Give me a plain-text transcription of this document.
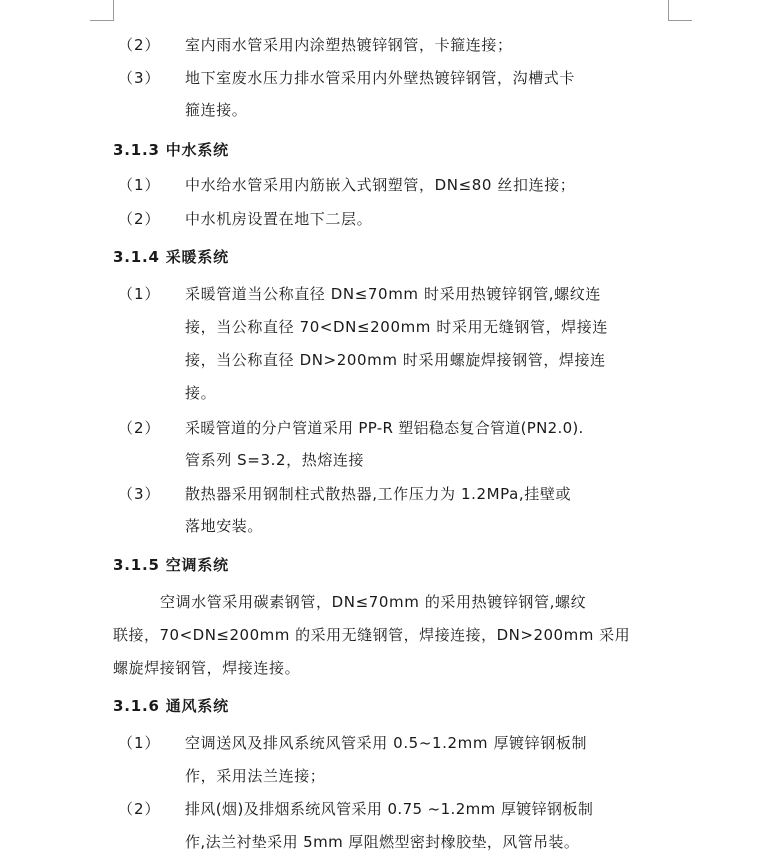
（2） 室内雨水管采用内涂塑热镀锌钢管，卡箍连接；
（3） 地下室废水压力排水管采用内外壁热镀锌钢管，沟槽式卡
箍连接。
3.1.3 中水系统
（1） 中水给水管采用内筋嵌入式钢塑管，DN≤80 丝扣连接；
（2） 中水机房设置在地下二层。
3.1.4 采暖系统
（1） 采暖管道当公称直径 DN≤70mm 时采用热镀锌钢管,螺纹连
接，当公称直径 70<DN≤200mm 时采用无缝钢管，焊接连
接，当公称直径 DN>200mm 时采用螺旋焊接钢管，焊接连
接。
（2） 采暖管道的分户管道采用 PP-R 塑铝稳态复合管道(PN2.0).
管系列 S=3.2，热熔连接
（3） 散热器采用钢制柱式散热器,工作压力为 1.2MPa,挂壁或
落地安装。
3.1.5 空调系统
空调水管采用碳素钢管，DN≤70mm 的采用热镀锌钢管,螺纹
联接，70<DN≤200mm 的采用无缝钢管，焊接连接，DN>200mm 采用
螺旋焊接钢管，焊接连接。
3.1.6 通风系统
（1） 空调送风及排风系统风管采用 0.5~1.2mm 厚镀锌钢板制
作，采用法兰连接；
（2） 排风(烟)及排烟系统风管采用 0.75 ~1.2mm 厚镀锌钢板制
作,法兰衬垫采用 5mm 厚阻燃型密封橡胶垫，风管吊装。
